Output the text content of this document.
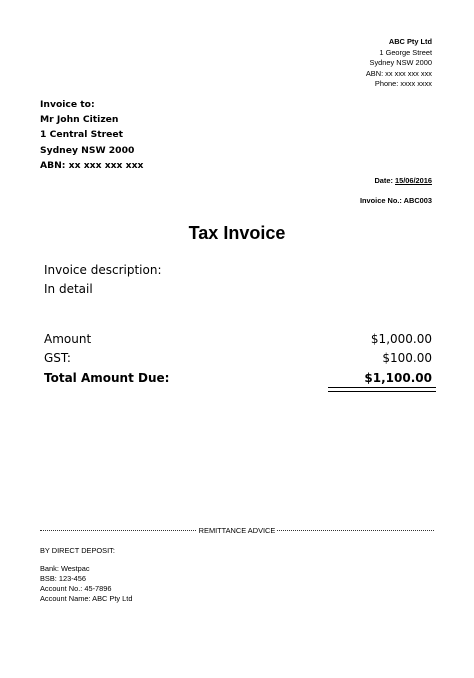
ABC Pty Ltd
1 George Street
Sydney NSW 2000
ABN: xx xxx xxx xxx
Phone: xxxx xxxx
Invoice to:
Mr John Citizen
1 Central Street
Sydney NSW 2000
ABN: xx xxx xxx xxx
Date: 15/06/2016
Invoice No.: ABC003
Tax Invoice
Invoice description:
In detail
Amount	$1,000.00
GST:	$100.00
Total Amount Due:	$1,100.00
REMITTANCE ADVICE
BY DIRECT DEPOSIT:
Bank: Westpac
BSB: 123-456
Account No.: 45-7896
Account Name: ABC Pty Ltd
